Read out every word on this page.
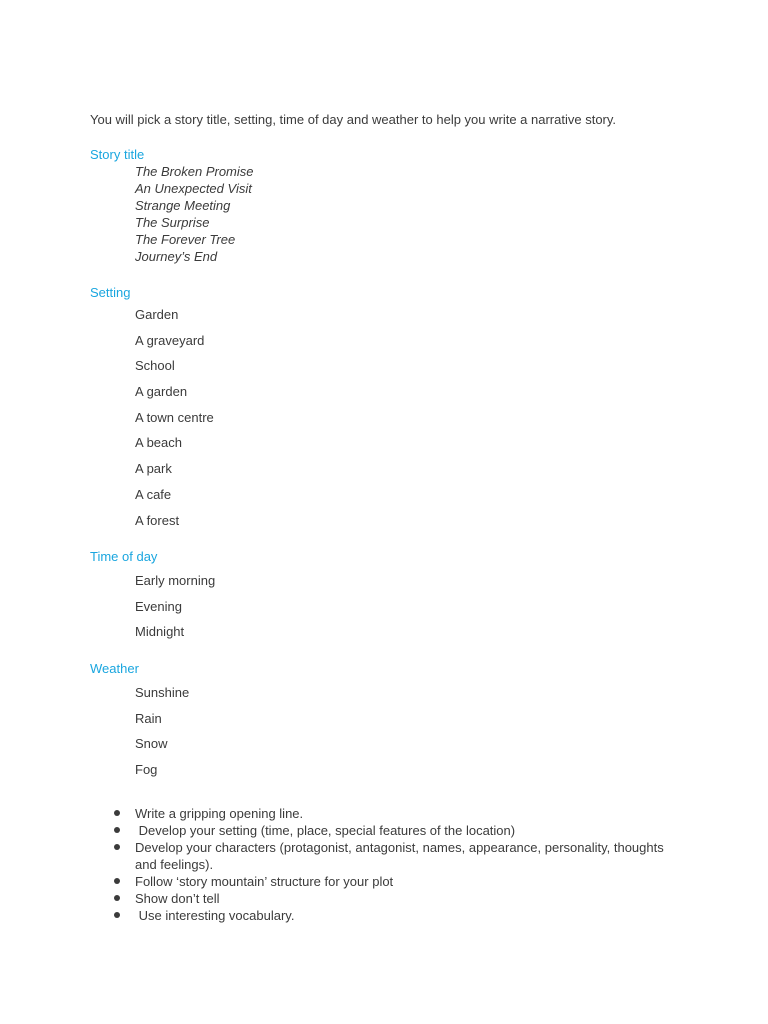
You will pick a story title, setting, time of day and weather to help you write a narrative story.
Story title
The Broken Promise
An Unexpected Visit
Strange Meeting
The Surprise
The Forever Tree
Journey’s End
Setting
Garden
A graveyard
School
A garden
A town centre
A beach
A park
A cafe
A forest
Time of day
Early morning
Evening
Midnight
Weather
Sunshine
Rain
Snow
Fog
Write a gripping opening line.
Develop your setting (time, place, special features of the location)
Develop your characters (protagonist, antagonist, names, appearance, personality, thoughts and feelings).
Follow ‘story mountain’ structure for your plot
Show don’t tell
Use interesting vocabulary.
